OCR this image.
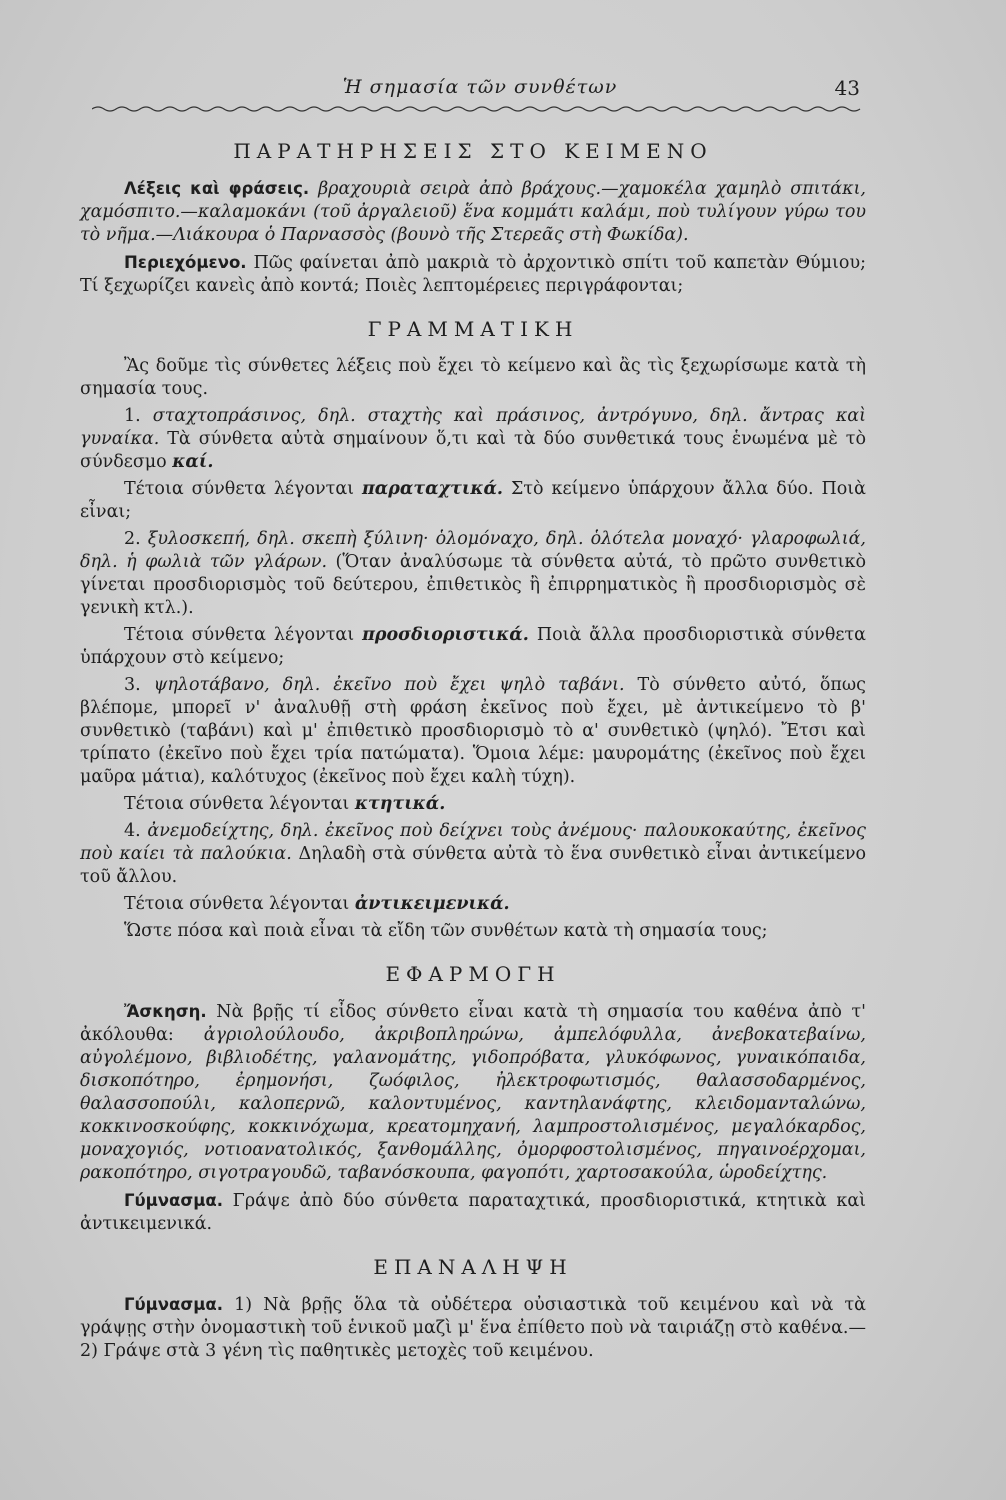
Ἡ σημασία τῶν συνθέτων	43
ΠΑΡΑΤΗΡΗΣΕΙΣ ΣΤΟ ΚΕΙΜΕΝΟ

Λέξεις καὶ φράσεις. βραχουριὰ σειρὰ ἀπὸ βράχους.—χαμοκέλα χαμηλὸ σπιτάκι, χαμόσπιτο.—καλαμοκάνι (τοῦ ἀργαλειοῦ) ἕνα κομμάτι καλάμι, ποὺ τυλίγουν γύρω του τὸ νῆμα.—Λιάκουρα ὁ Παρνασσὸς (βουνὸ τῆς Στερεᾶς στὴ Φωκίδα).

Περιεχόμενο. Πῶς φαίνεται ἀπὸ μακριὰ τὸ ἀρχοντικὸ σπίτι τοῦ καπετὰν Θύμιου; Τί ξεχωρίζει κανεὶς ἀπὸ κοντά; Ποιὲς λεπτομέρειες περιγράφονται;

ΓΡΑΜΜΑΤΙΚΗ

Ἂς δοῦμε τὶς σύνθετες λέξεις ποὺ ἔχει τὸ κείμενο καὶ ἂς τὶς ξεχωρίσωμε κατὰ τὴ σημασία τους.

1. σταχτοπράσινος, δηλ. σταχτὴς καὶ πράσινος, ἀντρόγυνο, δηλ. ἄντρας καὶ γυναίκα. Τὰ σύνθετα αὐτὰ σημαίνουν ὅ,τι καὶ τὰ δύο συνθετικά τους ἑνωμένα μὲ τὸ σύνδεσμο καί.

Τέτοια σύνθετα λέγονται παραταχτικά. Στὸ κείμενο ὑπάρχουν ἄλλα δύο. Ποιὰ εἶναι;

2. ξυλοσκεπή, δηλ. σκεπὴ ξύλινη· ὁλομόναχο, δηλ. ὁλότελα μοναχό· γλαροφωλιά, δηλ. ἡ φωλιὰ τῶν γλάρων. (Ὅταν ἀναλύσωμε τὰ σύνθετα αὐτά, τὸ πρῶτο συνθετικὸ γίνεται προσδιορισμὸς τοῦ δεύτερου, ἐπιθετικὸς ἢ ἐπιρρηματικὸς ἢ προσδιορισμὸς σὲ γενικὴ κτλ.).

Τέτοια σύνθετα λέγονται προσδιοριστικά. Ποιὰ ἄλλα προσδιοριστικὰ σύνθετα ὑπάρχουν στὸ κείμενο;

3. ψηλοτάβανο, δηλ. ἐκεῖνο ποὺ ἔχει ψηλὸ ταβάνι. Τὸ σύνθετο αὐτό, ὅπως βλέπομε, μπορεῖ ν' ἀναλυθῇ στὴ φράση ἐκεῖνος ποὺ ἔχει, μὲ ἀντικείμενο τὸ β' συνθετικὸ (ταβάνι) καὶ μ' ἐπιθετικὸ προσδιορισμὸ τὸ α' συνθετικὸ (ψηλό). Ἔτσι καὶ τρίπατο (ἐκεῖνο ποὺ ἔχει τρία πατώματα). Ὅμοια λέμε: μαυρομάτης (ἐκεῖνος ποὺ ἔχει μαῦρα μάτια), καλότυχος (ἐκεῖνος ποὺ ἔχει καλὴ τύχη).

Τέτοια σύνθετα λέγονται κτητικά.

4. ἀνεμοδείχτης, δηλ. ἐκεῖνος ποὺ δείχνει τοὺς ἀνέμους· παλουκοκαύτης, ἐκεῖνος ποὺ καίει τὰ παλούκια. Δηλαδὴ στὰ σύνθετα αὐτὰ τὸ ἕνα συνθετικὸ εἶναι ἀντικείμενο τοῦ ἄλλου.

Τέτοια σύνθετα λέγονται ἀντικειμενικά.

Ὥστε πόσα καὶ ποιὰ εἶναι τὰ εἴδη τῶν συνθέτων κατὰ τὴ σημασία τους;

ΕΦΑΡΜΟΓΗ

Ἄσκηση. Νὰ βρῇς τί εἶδος σύνθετο εἶναι κατὰ τὴ σημασία του καθένα ἀπὸ τ' ἀκόλουθα: ἀγριολούλουδο, ἀκριβοπληρώνω, ἀμπελόφυλλα, ἀνεβοκατεβαίνω, αὐγολέμονο, βιβλιοδέτης, γαλανομάτης, γιδοπρόβατα, γλυκόφωνος, γυναικόπαιδα, δισκοπότηρο, ἐρημονήσι, ζωόφιλος, ἠλεκτροφωτισμός, θαλασσοδαρμένος, θαλασσοπούλι, καλοπερνῶ, καλοντυμένος, καντηλανάφτης, κλειδομανταλώνω, κοκκινοσκούφης, κοκκινόχωμα, κρεατομηχανή, λαμπροστολισμένος, μεγαλόκαρδος, μοναχογιός, νοτιοανατολικός, ξανθομάλλης, ὀμορφοστολισμένος, πηγαινοέρχομαι, ρακοπότηρο, σιγοτραγουδῶ, ταβανόσκουπα, φαγοπότι, χαρτοσακούλα, ὡροδείχτης.

Γύμνασμα. Γράψε ἀπὸ δύο σύνθετα παραταχτικά, προσδιοριστικά, κτητικὰ καὶ ἀντικειμενικά.

ΕΠΑΝΑΛΗΨΗ

Γύμνασμα. 1) Νὰ βρῇς ὅλα τὰ οὐδέτερα οὐσιαστικὰ τοῦ κειμένου καὶ νὰ τὰ γράψῃς στὴν ὀνομαστικὴ τοῦ ἑνικοῦ μαζὶ μ' ἕνα ἐπίθετο ποὺ νὰ ταιριάζῃ στὸ καθένα.—2) Γράψε στὰ 3 γένη τὶς παθητικὲς μετοχὲς τοῦ κειμένου.
